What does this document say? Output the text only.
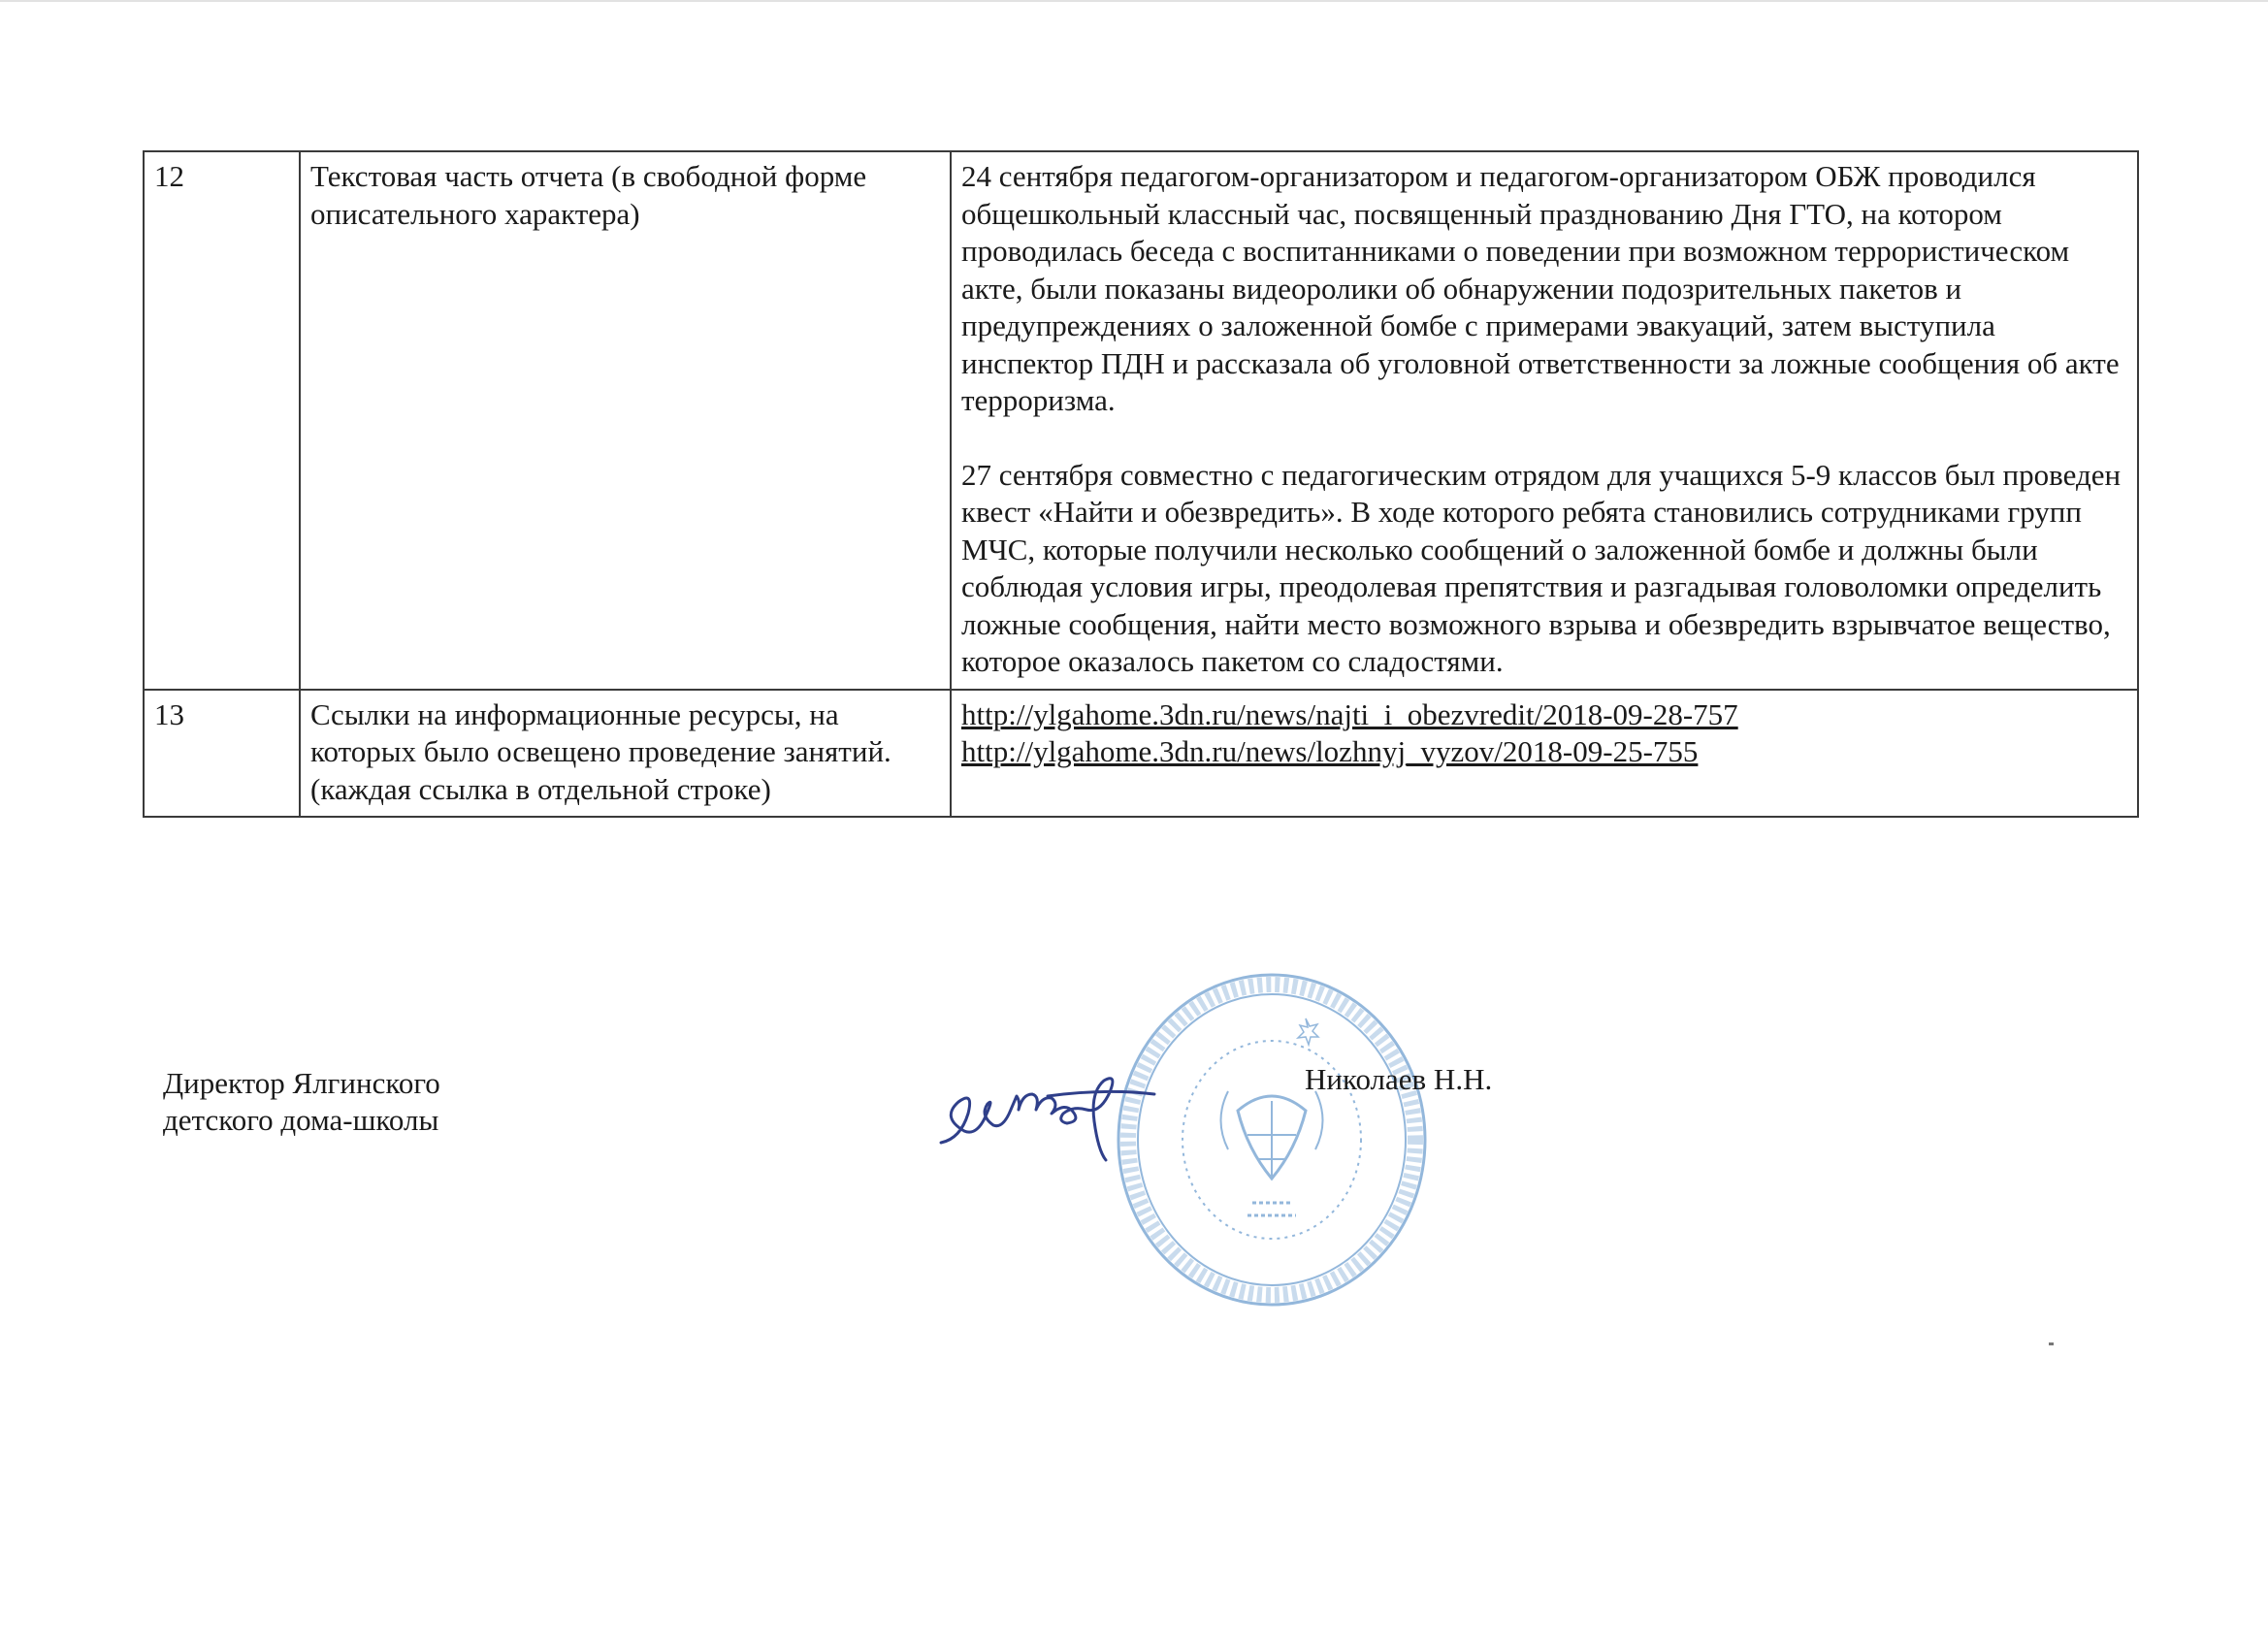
12	Текстовая часть отчета (в свободной форме описательного характера)	24 сентября педагогом-организатором и педагогом-организатором ОБЖ проводился общешкольный классный час, посвященный празднованию Дня ГТО, на котором проводилась беседа с воспитанниками о поведении при возможном террористическом акте, были показаны видеоролики об обнаружении подозрительных пакетов и предупреждениях о заложенной бомбе с примерами эвакуаций, затем выступила инспектор ПДН и рассказала об уголовной ответственности за ложные сообщения об акте терроризма.

27 сентября совместно с педагогическим отрядом для учащихся 5-9 классов был проведен квест «Найти и обезвредить». В ходе которого ребята становились сотрудниками групп МЧС, которые получили несколько сообщений о заложенной бомбе и должны были соблюдая условия игры, преодолевая препятствия и разгадывая головоломки определить ложные сообщения, найти место возможного взрыва и обезвредить взрывчатое вещество, которое оказалось пакетом со сладостями.

13	Ссылки на информационные ресурсы, на которых было освещено проведение занятий.(каждая ссылка в отдельной строке)	http://ylgahome.3dn.ru/news/najti_i_obezvredit/2018-09-28-757
http://ylgahome.3dn.ru/news/lozhnyj_vyzov/2018-09-25-755
Директор Ялгинского
детского дома-школы
Николаев Н.Н.
